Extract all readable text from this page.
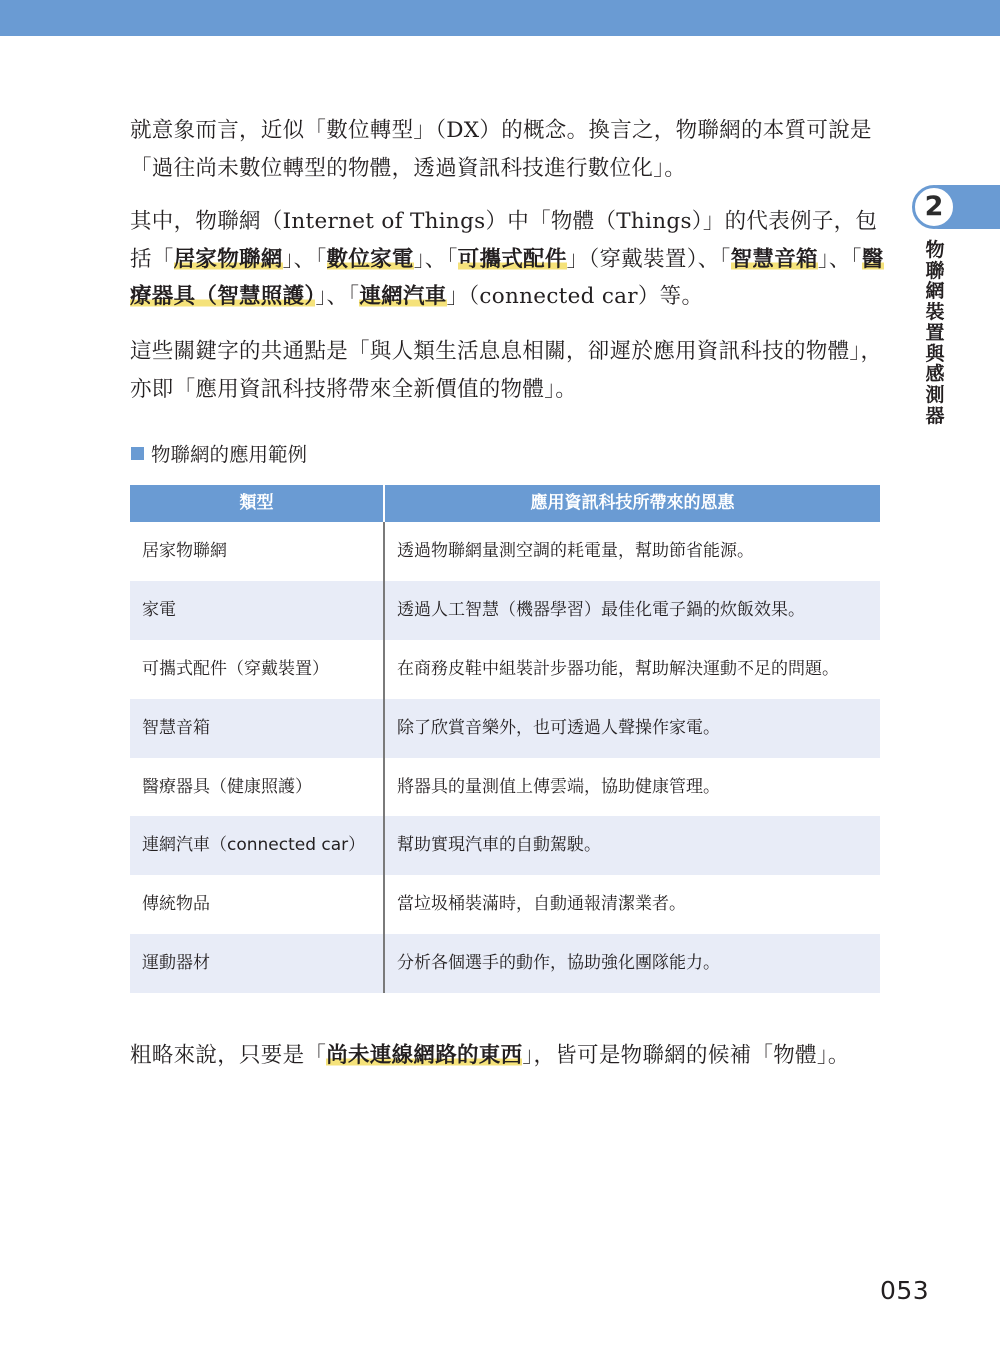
就意象而言，近似「數位轉型」（DX）的概念。換言之，物聯網的本質可說是「過往尚未數位轉型的物體，透過資訊科技進行數位化」。

其中，物聯網（Internet of Things）中「物體（Things）」的代表例子，包括「居家物聯網」、「數位家電」、「可攜式配件」（穿戴裝置）、「智慧音箱」、「醫療器具（智慧照護）」、「連網汽車」（connected car）等。

這些關鍵字的共通點是「與人類生活息息相關，卻遲於應用資訊科技的物體」，亦即「應用資訊科技將帶來全新價值的物體」。

2
物聯網裝置與感測器
物聯網的應用範例
類型	應用資訊科技所帶來的恩惠
居家物聯網	透過物聯網量測空調的耗電量，幫助節省能源。
家電	透過人工智慧（機器學習）最佳化電子鍋的炊飯效果。
可攜式配件（穿戴裝置）	在商務皮鞋中組裝計步器功能，幫助解決運動不足的問題。
智慧音箱	除了欣賞音樂外，也可透過人聲操作家電。
醫療器具（健康照護）	將器具的量測值上傳雲端，協助健康管理。
連網汽車（connected car）	幫助實現汽車的自動駕駛。
傳統物品	當垃圾桶裝滿時，自動通報清潔業者。
運動器材	分析各個選手的動作，協助強化團隊能力。

粗略來說，只要是「尚未連線網路的東西」，皆可是物聯網的候補「物體」。

053
